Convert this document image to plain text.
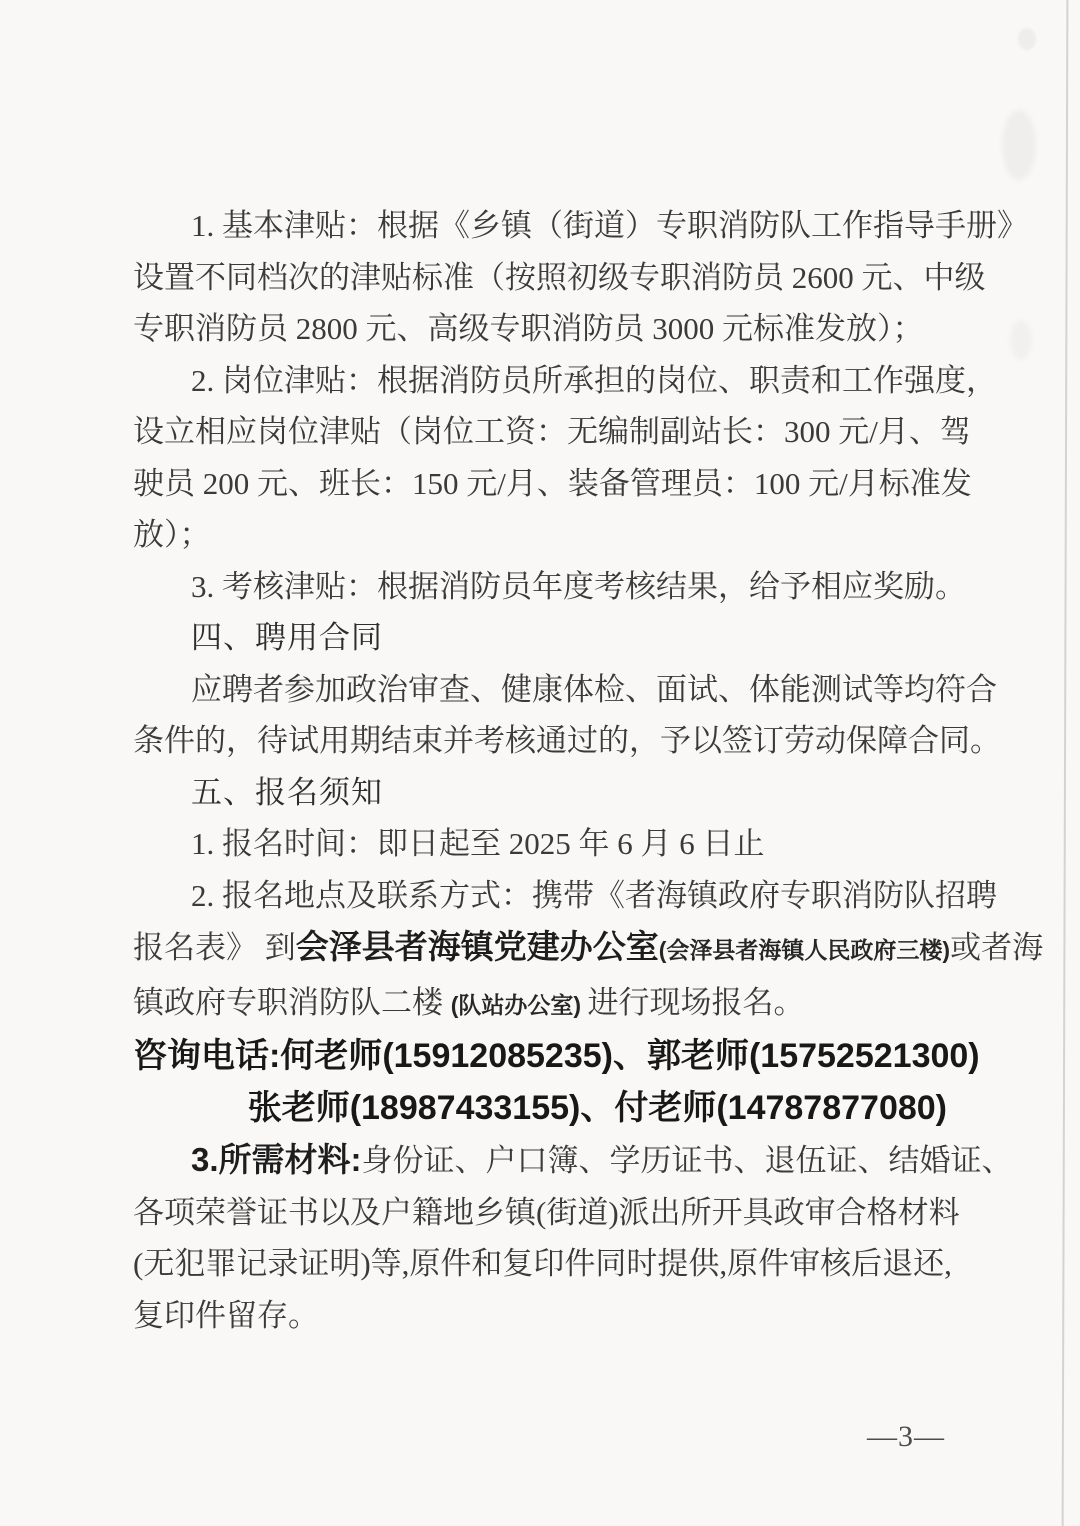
1. 基本津贴：根据《乡镇（街道）专职消防队工作指导手册》
设置不同档次的津贴标准（按照初级专职消防员 2600 元、中级
专职消防员 2800 元、高级专职消防员 3000 元标准发放）；
2. 岗位津贴：根据消防员所承担的岗位、职责和工作强度，
设立相应岗位津贴（岗位工资：无编制副站长：300 元/月、驾
驶员 200 元、班长：150 元/月、装备管理员：100 元/月标准发
放）；
3. 考核津贴：根据消防员年度考核结果，给予相应奖励。
四、聘用合同
应聘者参加政治审查、健康体检、面试、体能测试等均符合
条件的，待试用期结束并考核通过的，予以签订劳动保障合同。
五、报名须知
1. 报名时间：即日起至 2025 年 6 月 6 日止
2. 报名地点及联系方式：携带《者海镇政府专职消防队招聘
报名表》 到会泽县者海镇党建办公室(会泽县者海镇人民政府三楼)或者海
镇政府专职消防队二楼 (队站办公室) 进行现场报名。
咨询电话:何老师(15912085235)、郭老师(15752521300)
张老师(18987433155)、付老师(14787877080)
3.所需材料:身份证、户口簿、学历证书、退伍证、结婚证、
各项荣誉证书以及户籍地乡镇(街道)派出所开具政审合格材料
(无犯罪记录证明)等,原件和复印件同时提供,原件审核后退还,
复印件留存。
—3—
